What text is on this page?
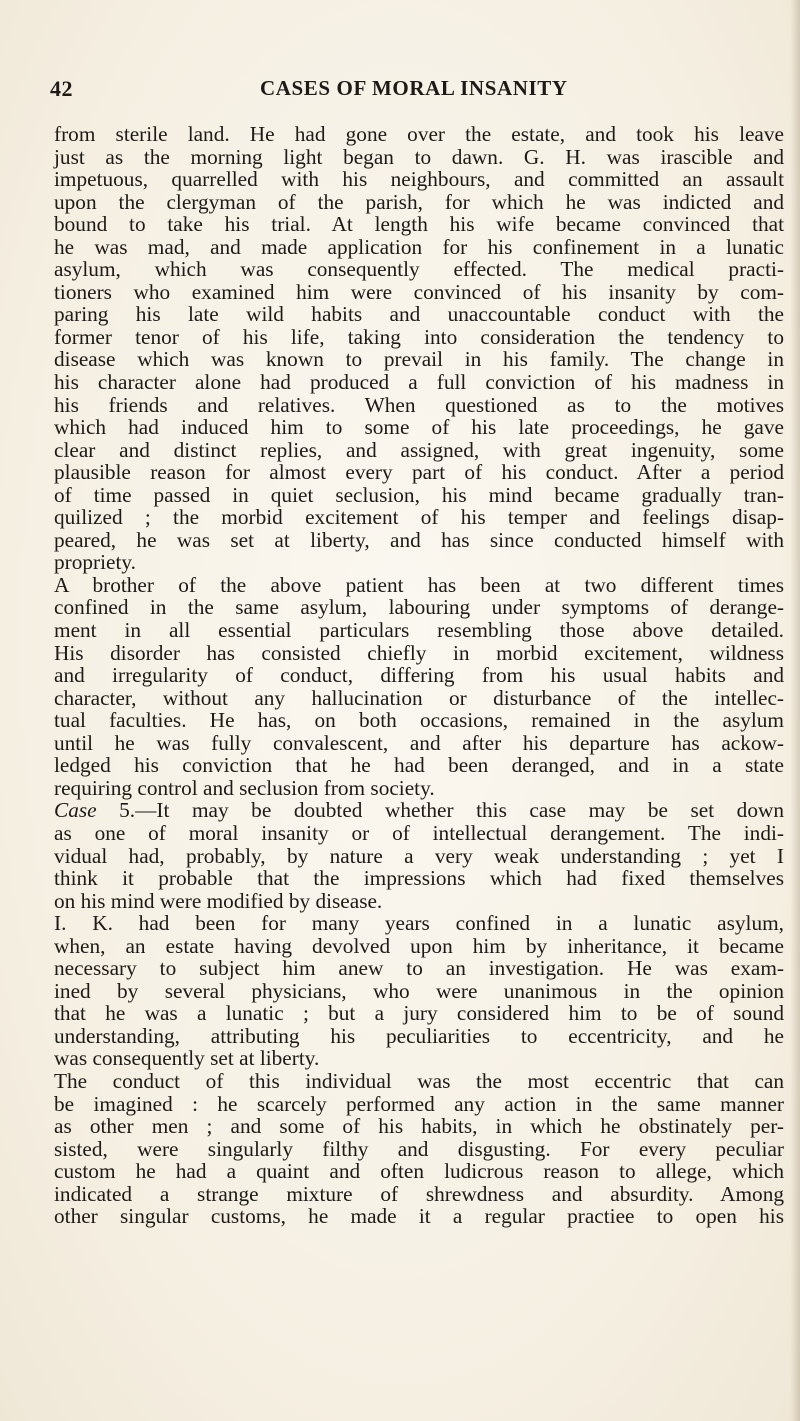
42	CASES OF MORAL INSANITY
from sterile land. He had gone over the estate, and took his leave
just as the morning light began to dawn. G. H. was irascible and
impetuous, quarrelled with his neighbours, and committed an assault
upon the clergyman of the parish, for which he was indicted and
bound to take his trial. At length his wife became convinced that
he was mad, and made application for his confinement in a lunatic
asylum, which was consequently effected. The medical practi-
tioners who examined him were convinced of his insanity by com-
paring his late wild habits and unaccountable conduct with the
former tenor of his life, taking into consideration the tendency to
disease which was known to prevail in his family. The change in
his character alone had produced a full conviction of his madness in
his friends and relatives. When questioned as to the motives
which had induced him to some of his late proceedings, he gave
clear and distinct replies, and assigned, with great ingenuity, some
plausible reason for almost every part of his conduct. After a period
of time passed in quiet seclusion, his mind became gradually tran-
quilized ; the morbid excitement of his temper and feelings disap-
peared, he was set at liberty, and has since conducted himself with
propriety.
A brother of the above patient has been at two different times
confined in the same asylum, labouring under symptoms of derange-
ment in all essential particulars resembling those above detailed.
His disorder has consisted chiefly in morbid excitement, wildness
and irregularity of conduct, differing from his usual habits and
character, without any hallucination or disturbance of the intellec-
tual faculties. He has, on both occasions, remained in the asylum
until he was fully convalescent, and after his departure has ackow-
ledged his conviction that he had been deranged, and in a state
requiring control and seclusion from society.
Case 5.—It may be doubted whether this case may be set down
as one of moral insanity or of intellectual derangement. The indi-
vidual had, probably, by nature a very weak understanding ; yet I
think it probable that the impressions which had fixed themselves
on his mind were modified by disease.
I. K. had been for many years confined in a lunatic asylum,
when, an estate having devolved upon him by inheritance, it became
necessary to subject him anew to an investigation. He was exam-
ined by several physicians, who were unanimous in the opinion
that he was a lunatic ; but a jury considered him to be of sound
understanding, attributing his peculiarities to eccentricity, and he
was consequently set at liberty.
The conduct of this individual was the most eccentric that can
be imagined : he scarcely performed any action in the same manner
as other men ; and some of his habits, in which he obstinately per-
sisted, were singularly filthy and disgusting. For every peculiar
custom he had a quaint and often ludicrous reason to allege, which
indicated a strange mixture of shrewdness and absurdity. Among
other singular customs, he made it a regular practiee to open his
